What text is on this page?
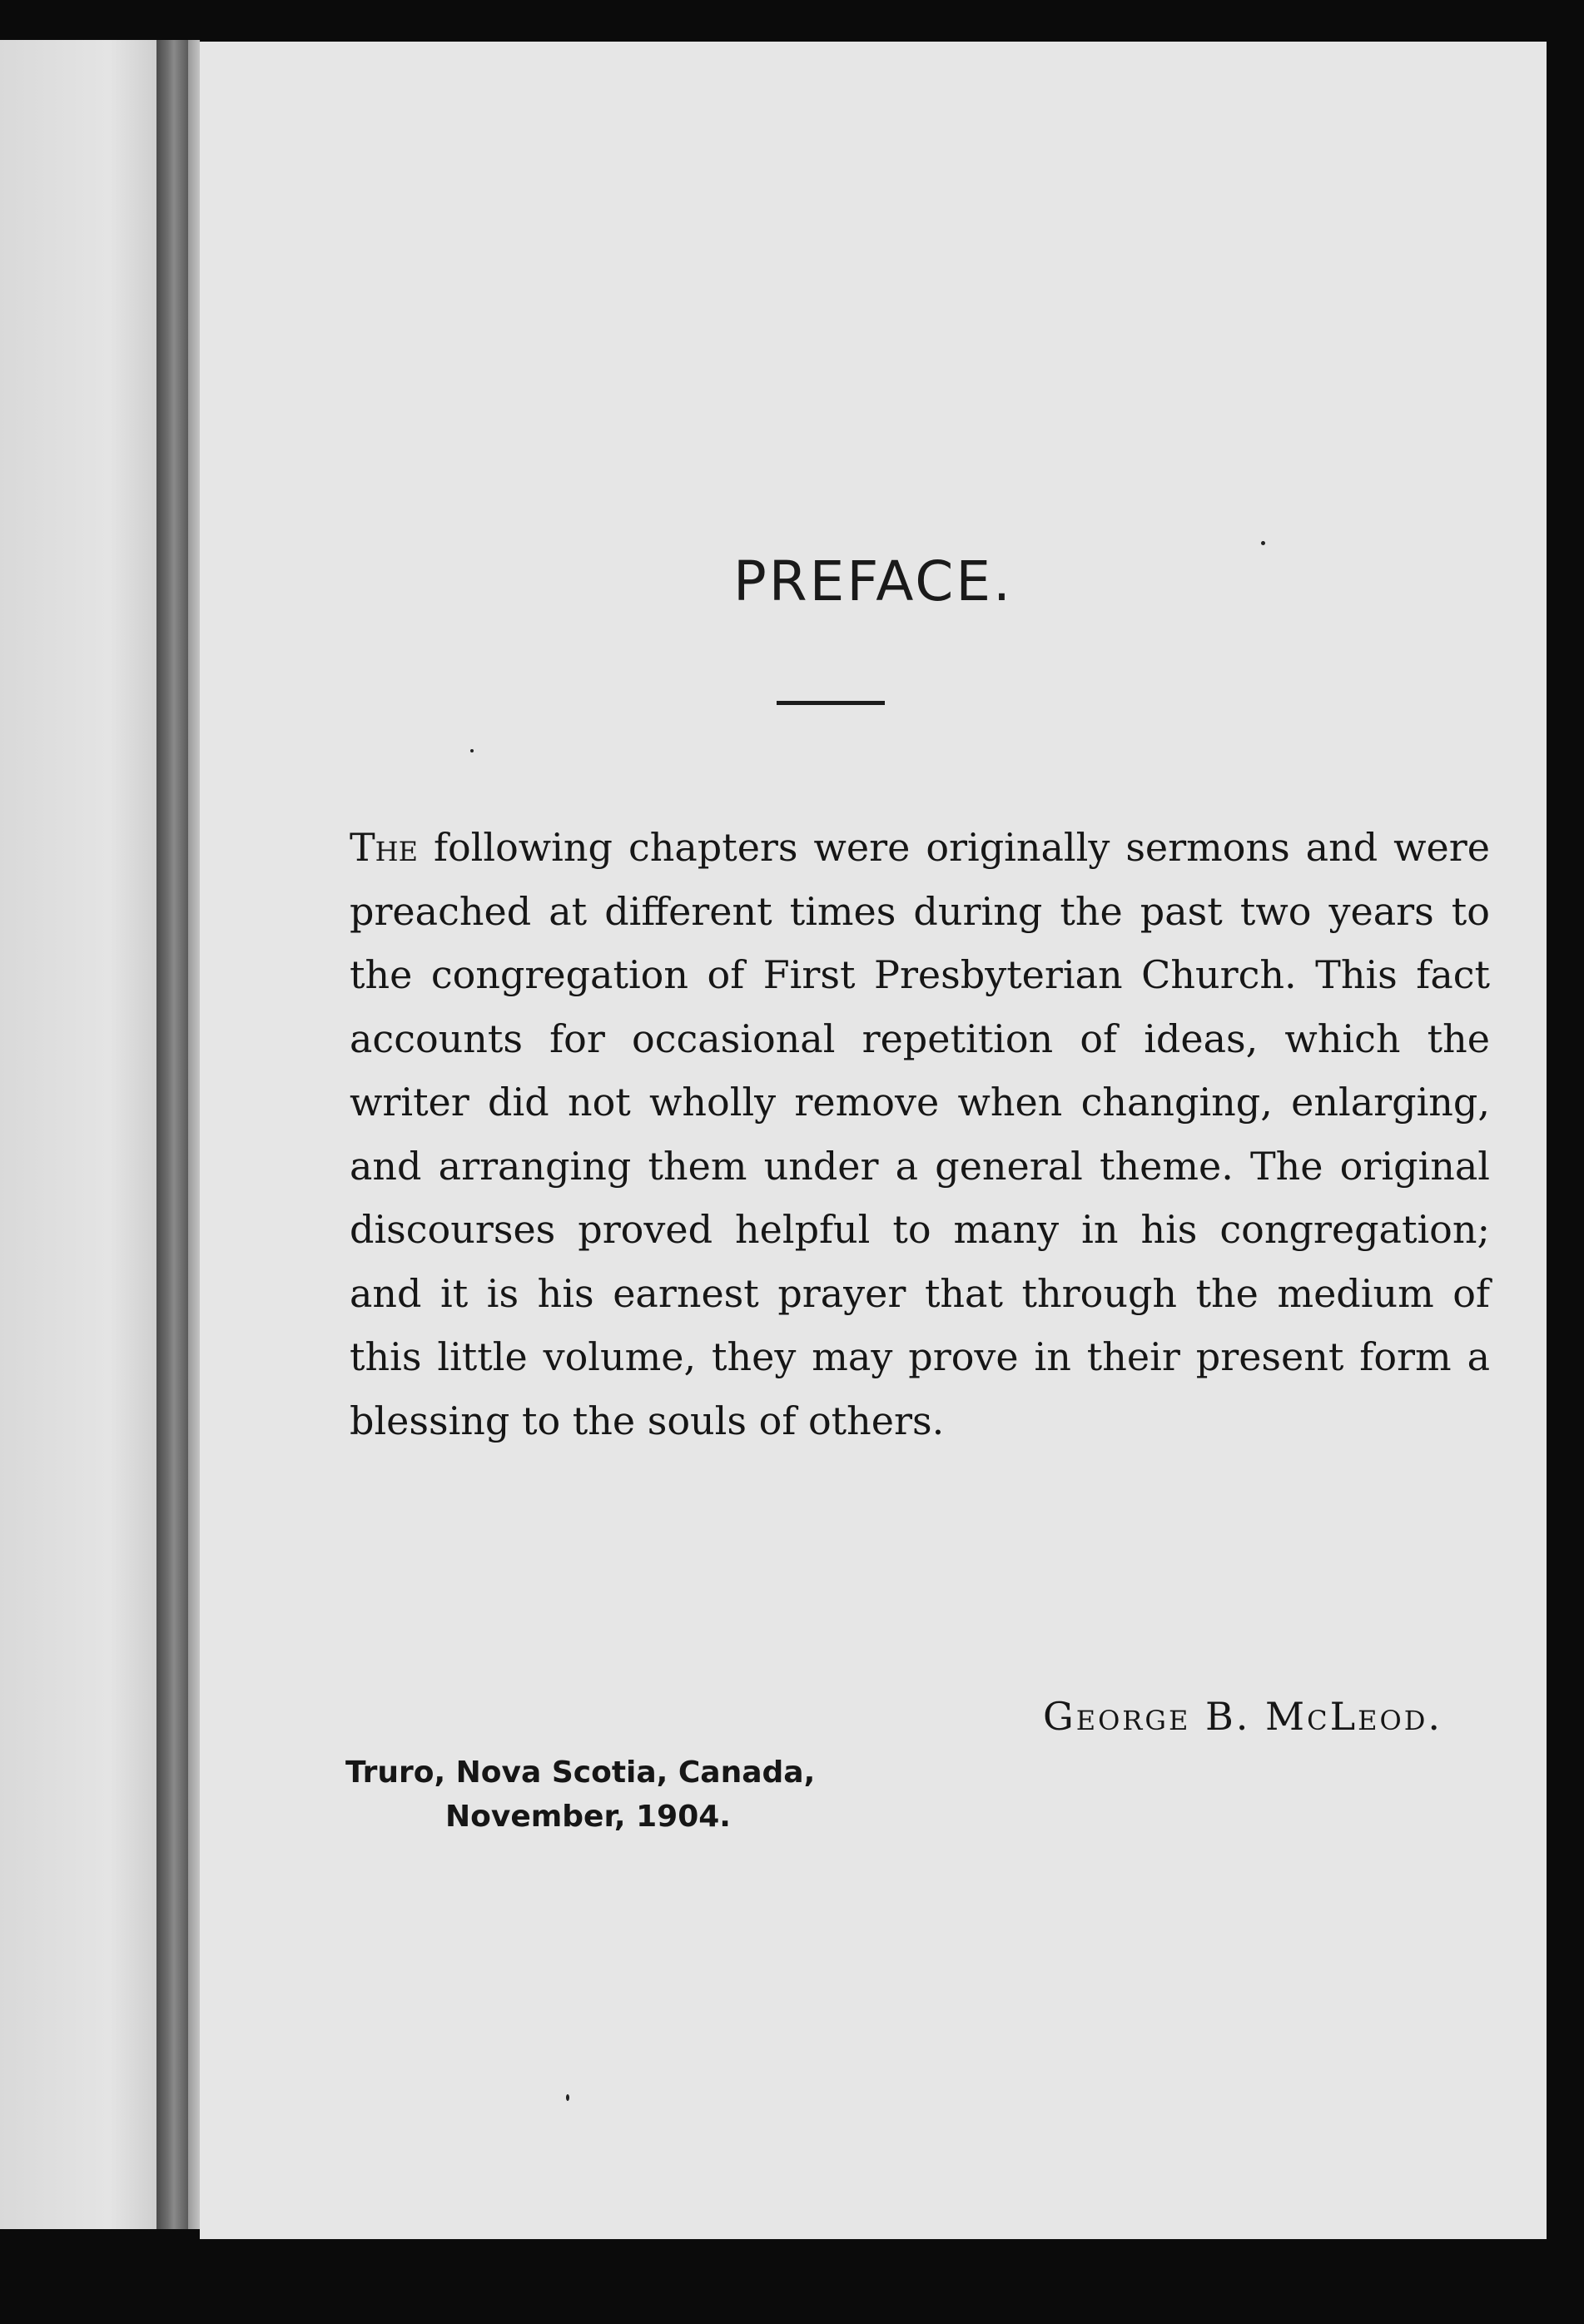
PREFACE.
The following chapters were originally sermons and were preached at different times during the past two years to the congregation of First Presbyterian Church. This fact accounts for occasional repetition of ideas, which the writer did not wholly remove when changing, enlarging, and arranging them under a general theme. The original discourses proved helpful to many in his congregation; and it is his earnest prayer that through the medium of this little volume, they may prove in their present form a blessing to the souls of others.
George B. McLeod.
Truro, Nova Scotia, Canada,
November, 1904.
